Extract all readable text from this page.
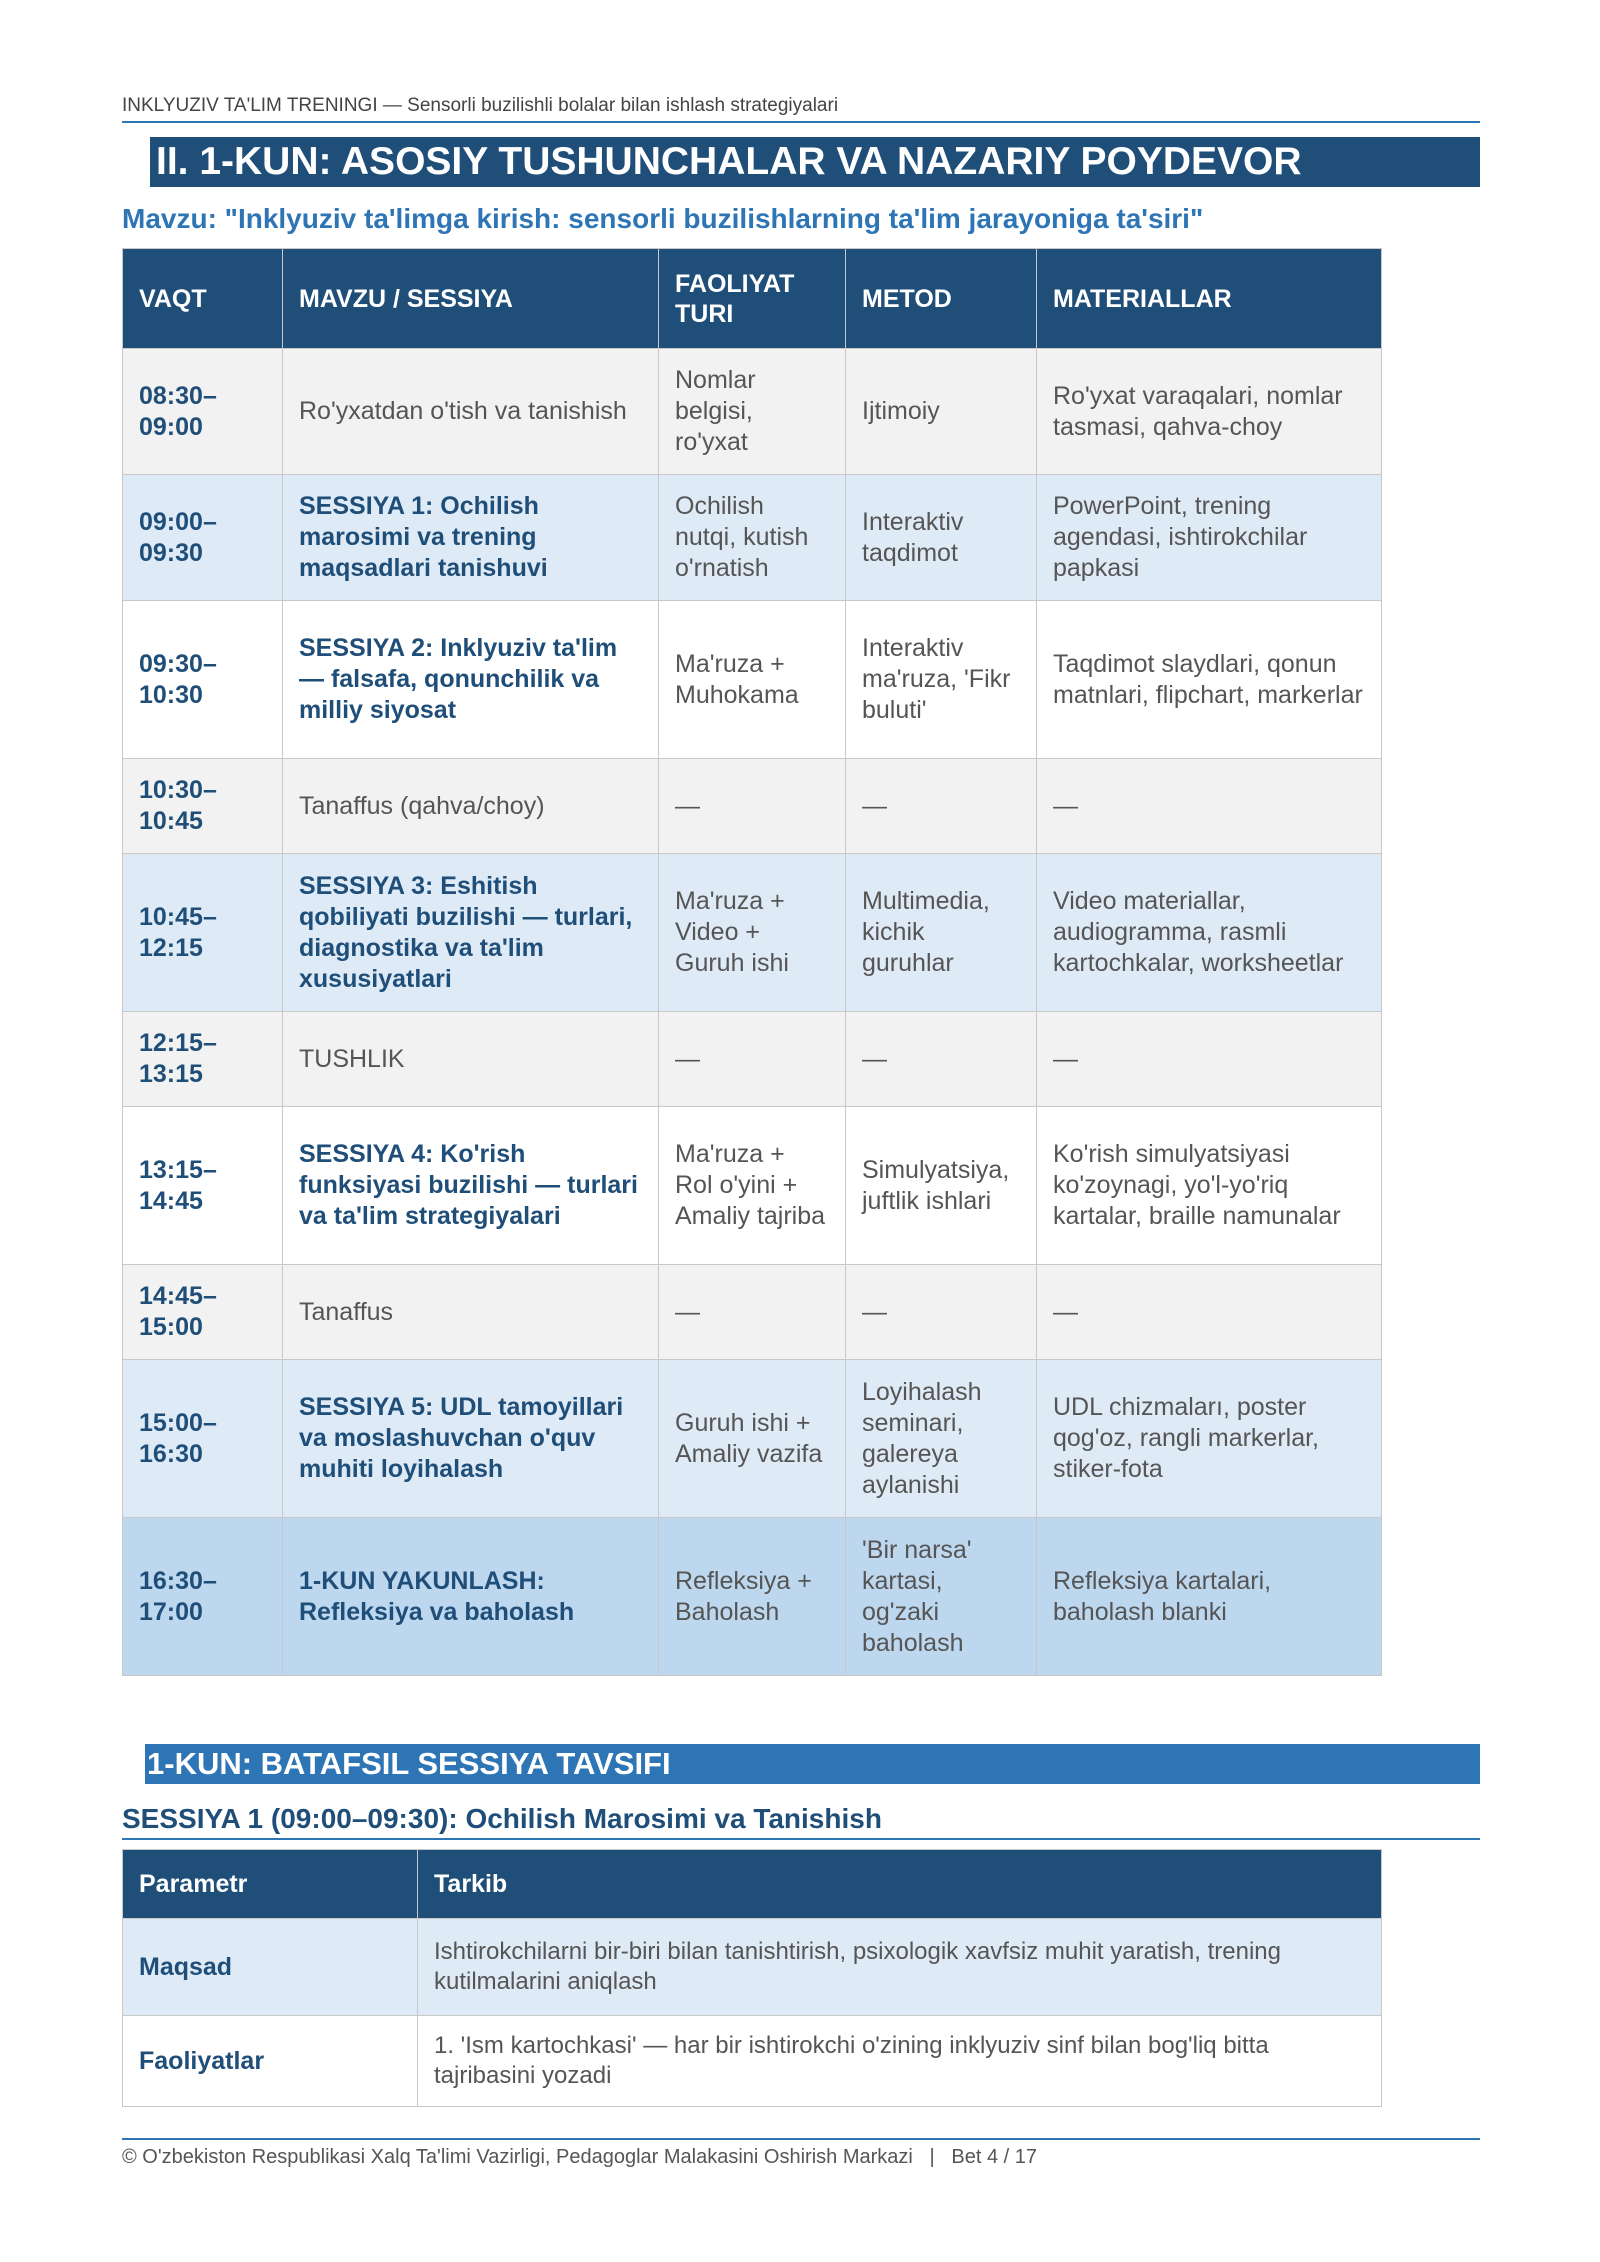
INKLYUZIV TA'LIM TRENINGI — Sensorli buzilishli bolalar bilan ishlash strategiyalari
II. 1-KUN: ASOSIY TUSHUNCHALAR VA NAZARIY POYDEVOR
Mavzu: "Inklyuziv ta'limga kirish: sensorli buzilishlarning ta'lim jarayoniga ta'siri"
VAQT	MAVZU / SESSIYA	FAOLIYAT TURI	METOD	MATERIALLAR
08:30–09:00	Ro'yxatdan o'tish va tanishish	Nomlar belgisi, ro'yxat	Ijtimoiy	Ro'yxat varaqalari, nomlar tasmasi, qahva-choy
09:00–09:30	SESSIYA 1: Ochilish marosimi va trening maqsadlari tanishuvi	Ochilish nutqi, kutish o'rnatish	Interaktiv taqdimot	PowerPoint, trening agendasi, ishtirokchilar papkasi
09:30–10:30	SESSIYA 2: Inklyuziv ta'lim — falsafa, qonunchilik va milliy siyosat	Ma'ruza + Muhokama	Interaktiv ma'ruza, 'Fikr buluti'	Taqdimot slaydlari, qonun matnlari, flipchart, markerlar
10:30–10:45	Tanaffus (qahva/choy)	—	—	—
10:45–12:15	SESSIYA 3: Eshitish qobiliyati buzilishi — turlari, diagnostika va ta'lim xususiyatlari	Ma'ruza + Video + Guruh ishi	Multimedia, kichik guruhlar	Video materiallar, audiogramma, rasmli kartochkalar, worksheetlar
12:15–13:15	TUSHLIK	—	—	—
13:15–14:45	SESSIYA 4: Ko'rish funksiyasi buzilishi — turlari va ta'lim strategiyalari	Ma'ruza + Rol o'yini + Amaliy tajriba	Simulyatsiya, juftlik ishlari	Ko'rish simulyatsiyasi ko'zoynagi, yo'l-yo'riq kartalar, braille namunalar
14:45–15:00	Tanaffus	—	—	—
15:00–16:30	SESSIYA 5: UDL tamoyillari va moslashuvchan o'quv muhiti loyihalash	Guruh ishi + Amaliy vazifa	Loyihalash seminari, galereya aylanishi	UDL chizmaları, poster qog'oz, rangli markerlar, stiker-fota
16:30–17:00	1-KUN YAKUNLASH: Refleksiya va baholash	Refleksiya + Baholash	'Bir narsa' kartasi, og'zaki baholash	Refleksiya kartalari, baholash blanki
1-KUN: BATAFSIL SESSIYA TAVSIFI
SESSIYA 1 (09:00–09:30): Ochilish Marosimi va Tanishish
Parametr	Tarkib
Maqsad	Ishtirokchilarni bir-biri bilan tanishtirish, psixologik xavfsiz muhit yaratish, trening kutilmalarini aniqlash
Faoliyatlar	1. 'Ism kartochkasi' — har bir ishtirokchi o'zining inklyuziv sinf bilan bog'liq bitta tajribasini yozadi
© O'zbekiston Respublikasi Xalq Ta'limi Vazirligi, Pedagoglar Malakasini Oshirish Markazi   |   Bet 4 / 17
